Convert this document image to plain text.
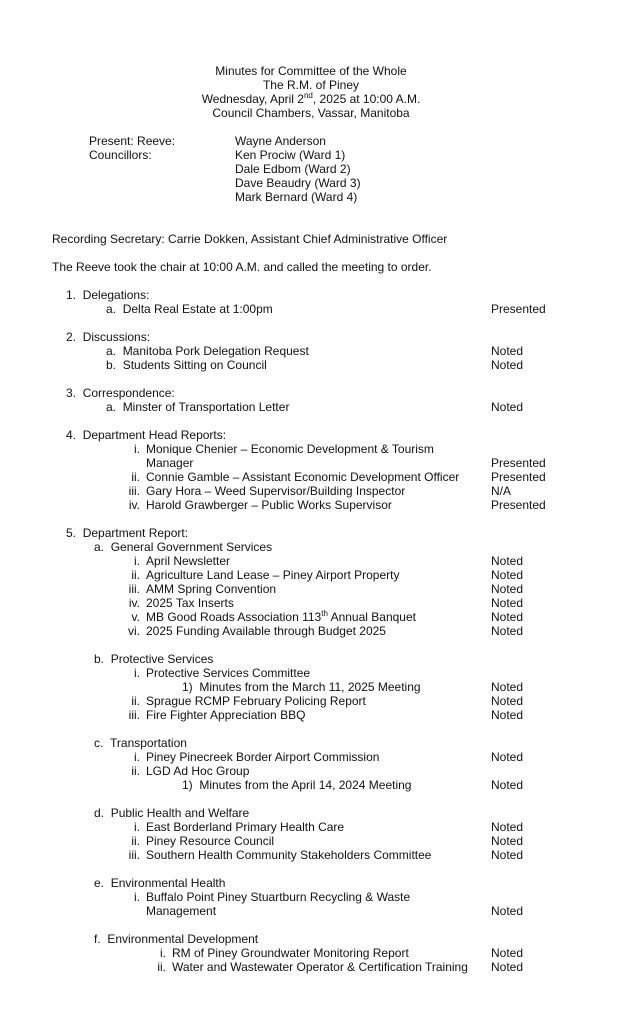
Minutes for Committee of the Whole
The R.M. of Piney
Wednesday, April 2nd, 2025 at 10:00 A.M.
Council Chambers, Vassar, Manitoba
Present: Reeve:	Wayne Anderson
Councillors:	Ken Prociw (Ward 1)
Dale Edbom (Ward 2)
Dave Beaudry (Ward 3)
Mark Bernard (Ward 4)
Recording Secretary: Carrie Dokken, Assistant Chief Administrative Officer
The Reeve took the chair at 10:00 A.M. and called the meeting to order.
1. Delegations:
a. Delta Real Estate at 1:00pm	Presented
2. Discussions:
a. Manitoba Pork Delegation Request	Noted
b. Students Sitting on Council	Noted
3. Correspondence:
a. Minster of Transportation Letter	Noted
4. Department Head Reports:
i. Monique Chenier – Economic Development & Tourism
Manager	Presented
ii. Connie Gamble – Assistant Economic Development Officer	Presented
iii. Gary Hora – Weed Supervisor/Building Inspector	N/A
iv. Harold Grawberger – Public Works Supervisor	Presented
5. Department Report:
a. General Government Services
i. April Newsletter	Noted
ii. Agriculture Land Lease – Piney Airport Property	Noted
iii. AMM Spring Convention	Noted
iv. 2025 Tax Inserts	Noted
v. MB Good Roads Association 113th Annual Banquet	Noted
vi. 2025 Funding Available through Budget 2025	Noted
b. Protective Services
i. Protective Services Committee
1) Minutes from the March 11, 2025 Meeting	Noted
ii. Sprague RCMP February Policing Report	Noted
iii. Fire Fighter Appreciation BBQ	Noted
c. Transportation
i. Piney Pinecreek Border Airport Commission	Noted
ii. LGD Ad Hoc Group
1) Minutes from the April 14, 2024 Meeting	Noted
d. Public Health and Welfare
i. East Borderland Primary Health Care	Noted
ii. Piney Resource Council	Noted
iii. Southern Health Community Stakeholders Committee	Noted
e. Environmental Health
i. Buffalo Point Piney Stuartburn Recycling & Waste
Management	Noted
f. Environmental Development
i. RM of Piney Groundwater Monitoring Report	Noted
ii. Water and Wastewater Operator & Certification Training Noted
